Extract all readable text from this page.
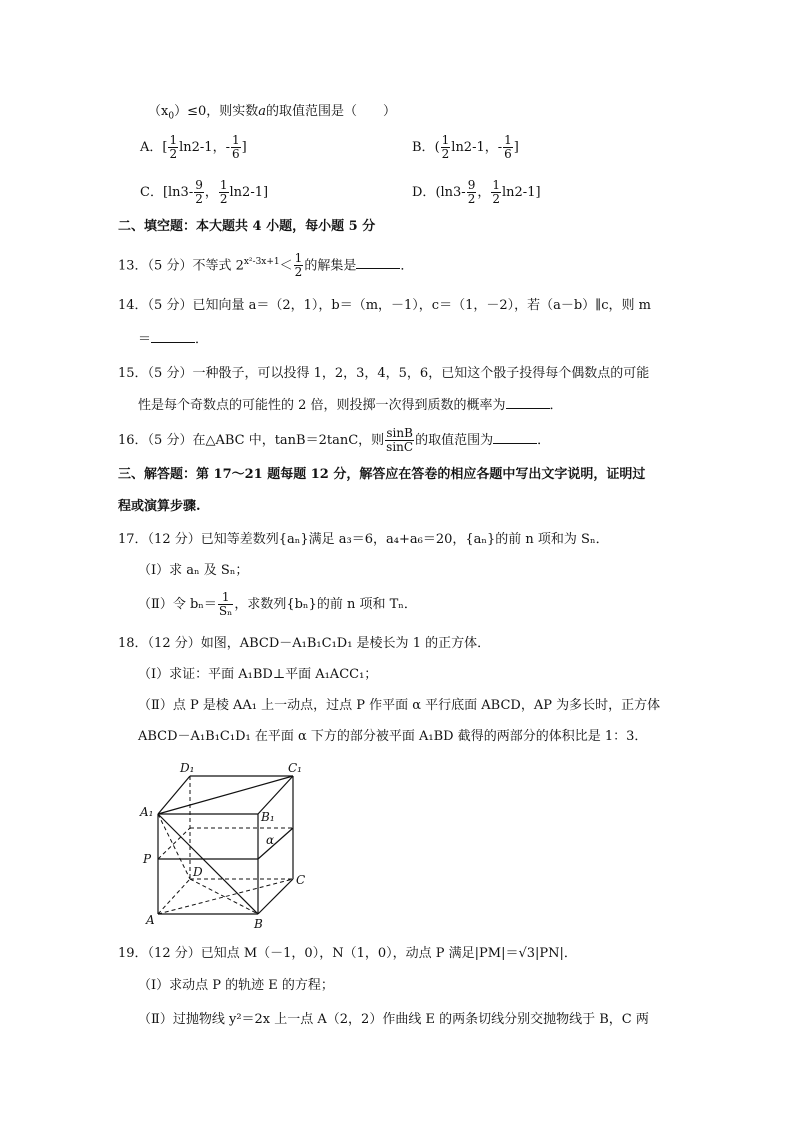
$(x_0)\le 0$，则实数a的取值范围是（　　）
A．[ $\frac{1}{2} \ln 2-1$，- $\frac{1}{6}$ ]	B．( $\frac{1}{2} \ln 2-1$，- $\frac{1}{6}$ ]
C．[$\ln 3- \frac{9}{2}$ ， $\frac{1}{2} \ln 2-1$]	D．($\ln 3- \frac{9}{2}$ ， $\frac{1}{2} \ln 2-1$]
二、填空题：本大题共 4 小题，每小题 5 分
13．（5 分）不等式 $2^{x^2-3x+1}< \frac{1}{2}$ 的解集是	．
14．（5 分）已知向量 a＝（2，1），b＝（m，－1），c＝（1，－2），若（a－b）∥c，则 m
＝	．
15．（5 分）一种骰子，可以投得 1，2，3，4，5，6，已知这个骰子投得每个偶数点的可能
性是每个奇数点的可能性的 2 倍，则投掷一次得到质数的概率为	．
16．（5 分）在△ABC 中，tanB＝2tanC，则 $\frac{\sin B}{\sin C}$ 的取值范围为	．
三、解答题：第 17～21 题每题 12 分，解答应在答卷的相应各题中写出文字说明，证明过
程或演算步骤.
17．（12 分）已知等差数列{aₙ}满足 a₃＝6，a₄+a₆＝20，{aₙ}的前 n 项和为 Sₙ．
（Ⅰ）求 aₙ 及 Sₙ；
（Ⅱ）令 $b_n= \frac{1}{\text{Sₙ}}$ ，求数列{bₙ}的前 n 项和 Tₙ．
18．（12 分）如图，ABCD－A₁B₁C₁D₁ 是棱长为 1 的正方体．
（Ⅰ）求证：平面 A₁BD⊥平面 A₁ACC₁；
（Ⅱ）点 P 是棱 AA₁ 上一动点，过点 P 作平面 α 平行底面 ABCD，AP 为多长时，正方体
ABCD－A₁B₁C₁D₁ 在平面 α 下方的部分被平面 A₁BD 截得的两部分的体积比是 1：3．
D₁	C₁
A₁	B₁
α
P
D
C
A	B
19．（12 分）已知点 M（－1，0），N（1，0），动点 P 满足|PM|＝√3|PN|．
（Ⅰ）求动点 P 的轨迹 E 的方程；
（Ⅱ）过抛物线 y²＝2x 上一点 A（2，2）作曲线 E 的两条切线分别交抛物线于 B，C 两
